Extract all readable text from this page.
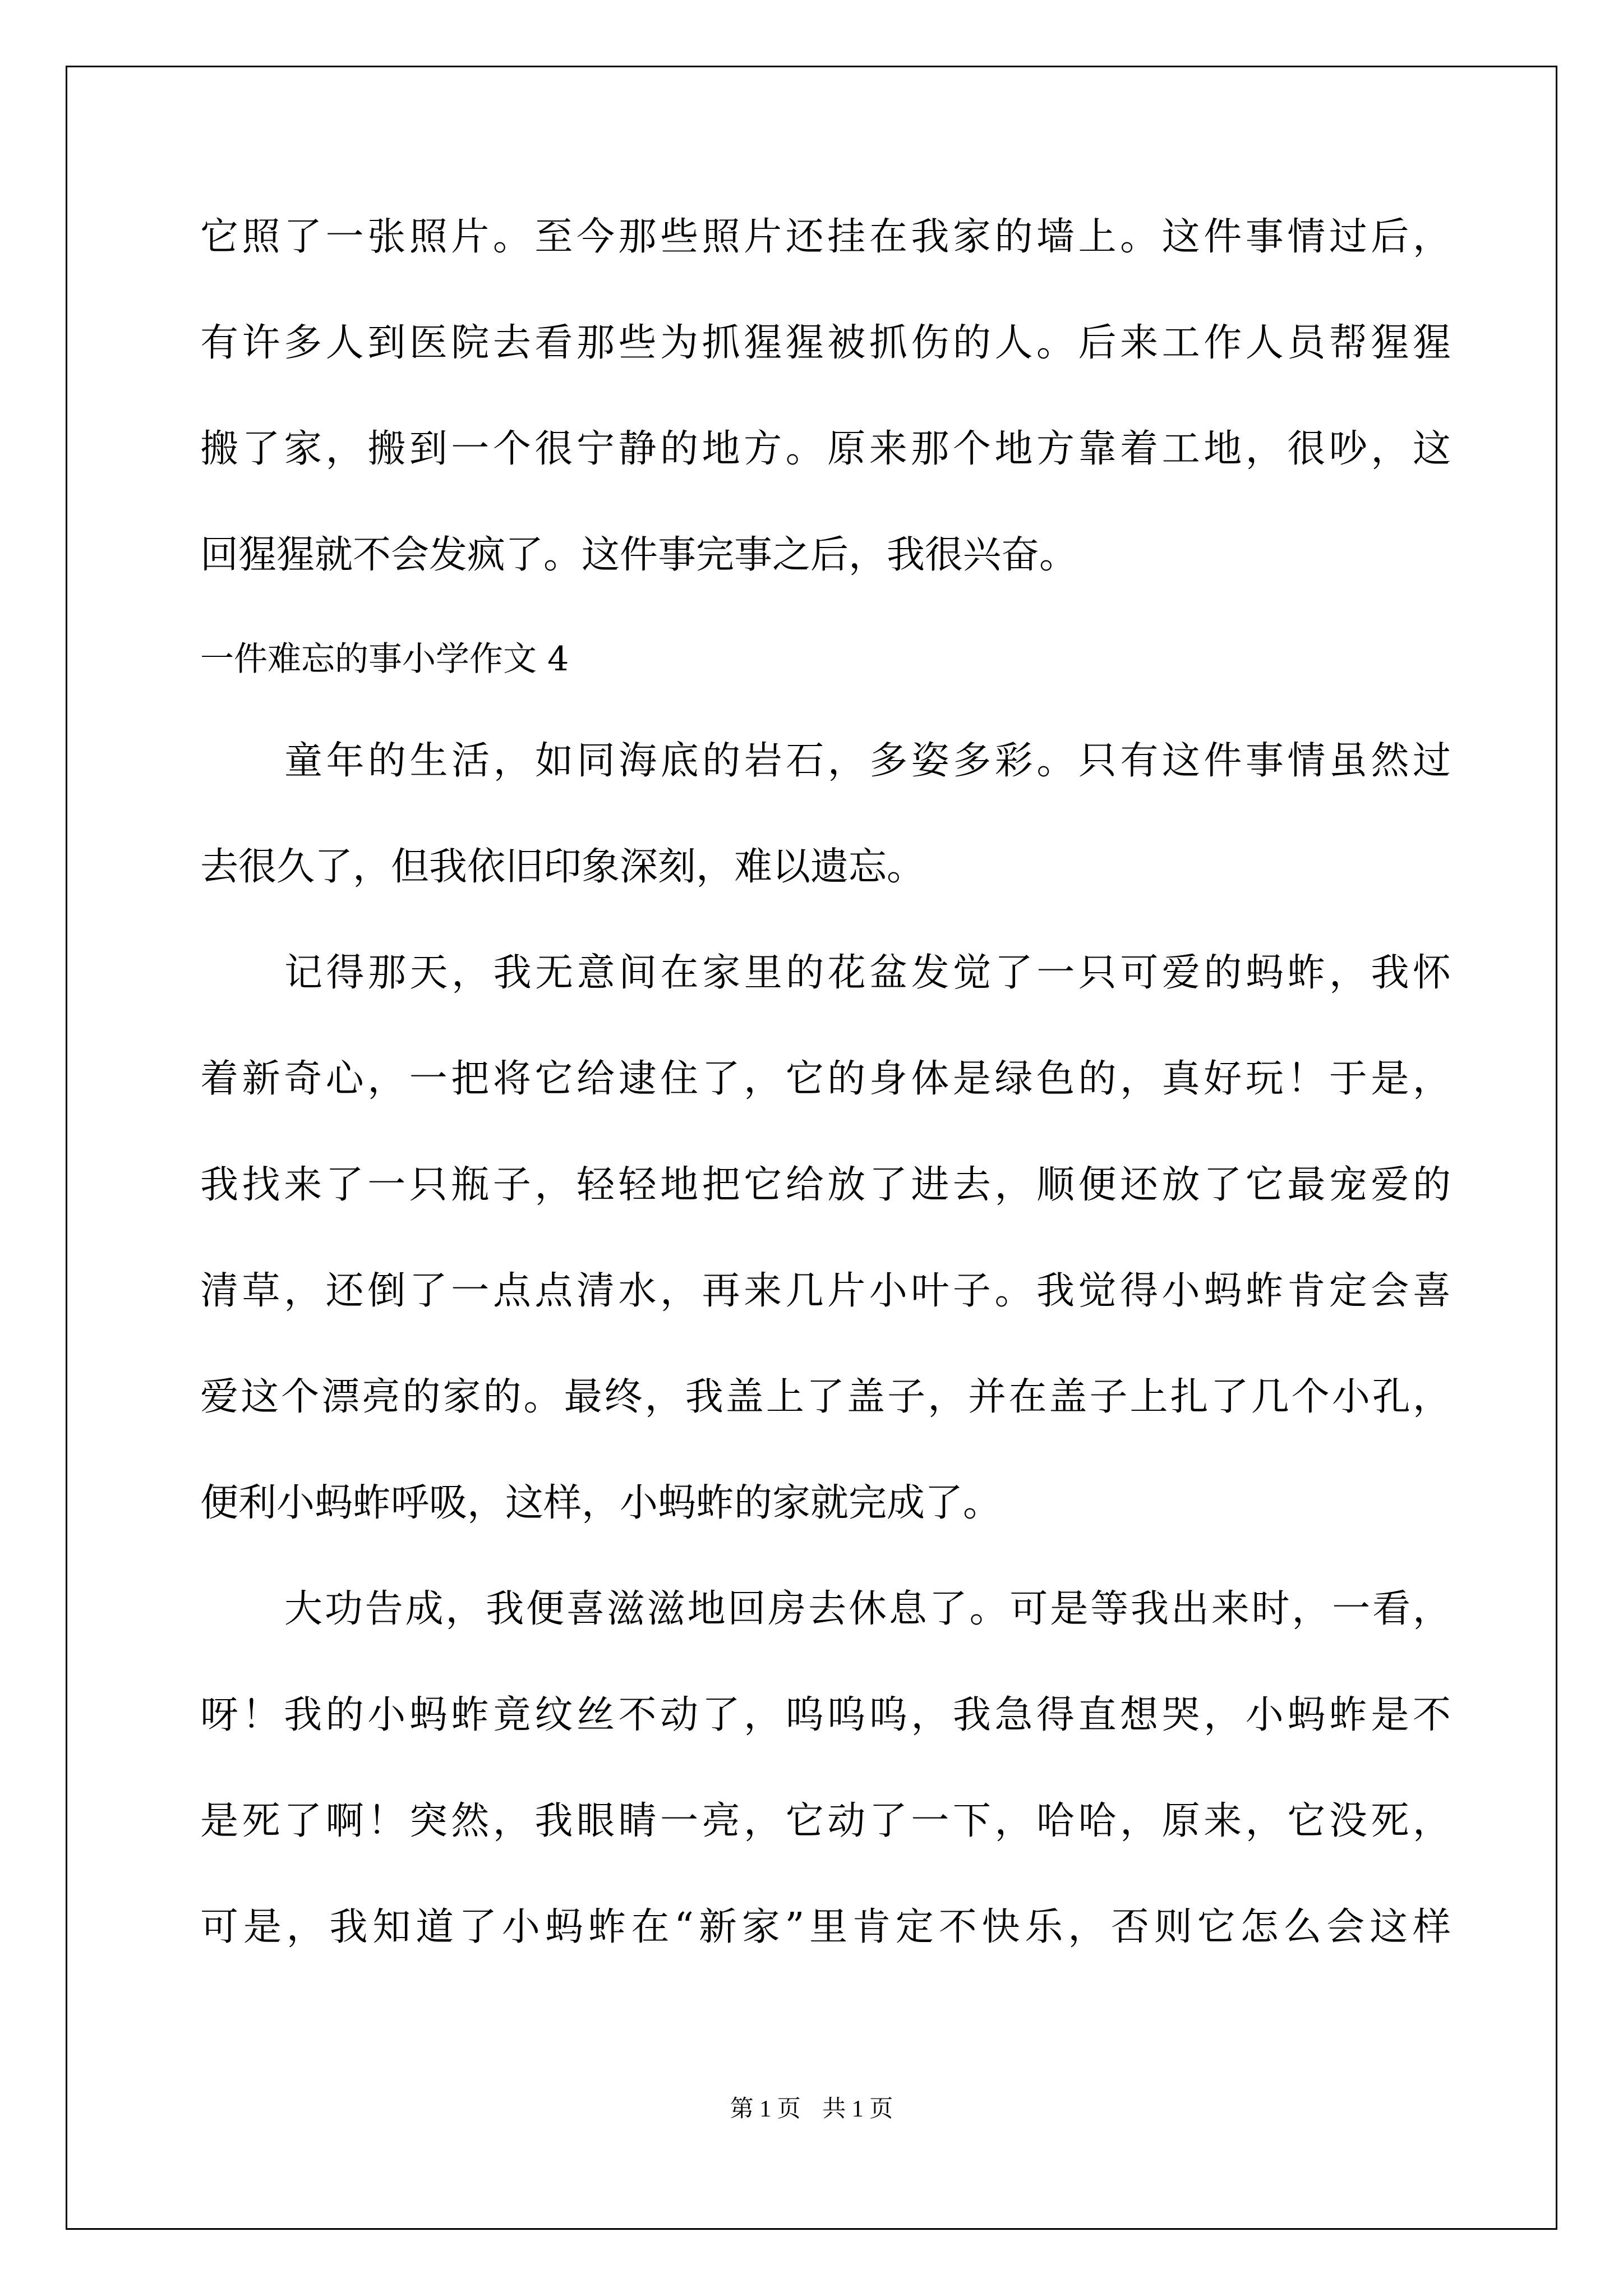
它照了一张照片。至今那些照片还挂在我家的墙上。这件事情过后，

有许多人到医院去看那些为抓猩猩被抓伤的人。后来工作人员帮猩猩

搬了家，搬到一个很宁静的地方。原来那个地方靠着工地，很吵，这

回猩猩就不会发疯了。这件事完事之后，我很兴奋。

一件难忘的事小学作文 4

童年的生活，如同海底的岩石，多姿多彩。只有这件事情虽然过

去很久了，但我依旧印象深刻，难以遗忘。

记得那天，我无意间在家里的花盆发觉了一只可爱的蚂蚱，我怀

着新奇心，一把将它给逮住了，它的身体是绿色的，真好玩！于是，

我找来了一只瓶子，轻轻地把它给放了进去，顺便还放了它最宠爱的

清草，还倒了一点点清水，再来几片小叶子。我觉得小蚂蚱肯定会喜

爱这个漂亮的家的。最终，我盖上了盖子，并在盖子上扎了几个小孔，

便利小蚂蚱呼吸，这样，小蚂蚱的家就完成了。

大功告成，我便喜滋滋地回房去休息了。可是等我出来时，一看，

呀！我的小蚂蚱竟纹丝不动了，呜呜呜，我急得直想哭，小蚂蚱是不

是死了啊！突然，我眼睛一亮，它动了一下，哈哈，原来，它没死，

可是，我知道了小蚂蚱在“新家”里肯定不快乐，否则它怎么会这样

第 1 页 共 1 页
